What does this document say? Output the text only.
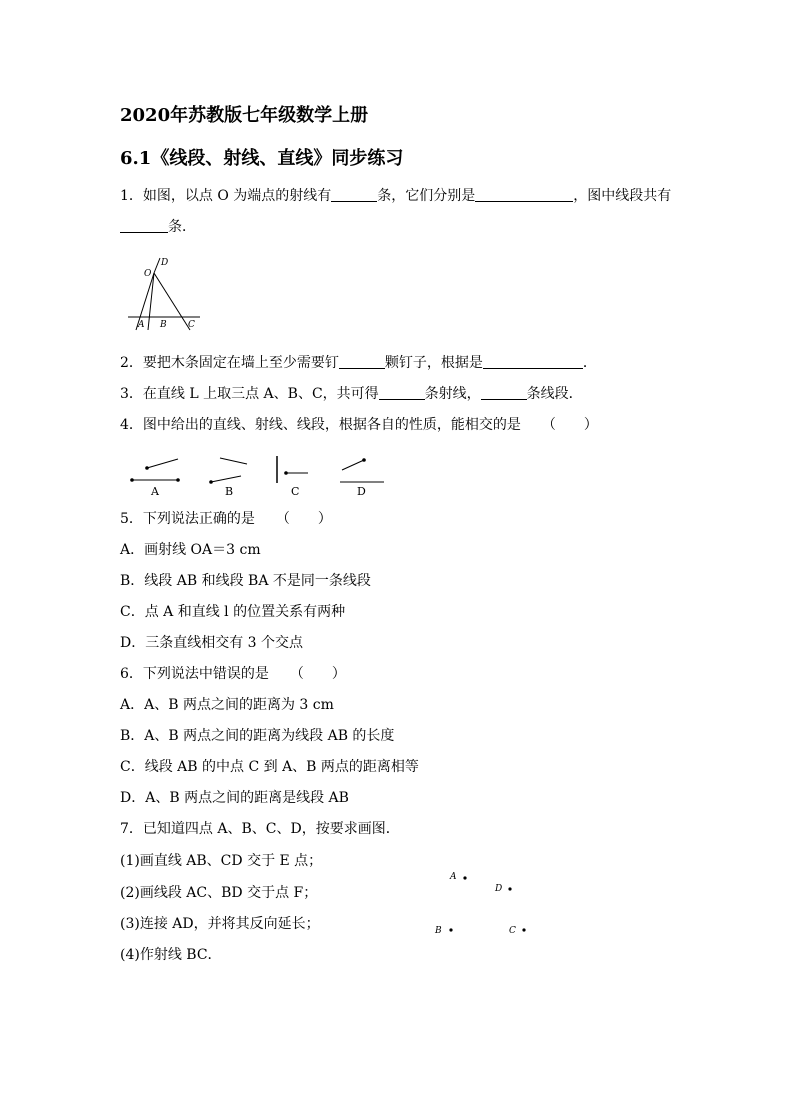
2020年苏教版七年级数学上册
6.1《线段、射线、直线》同步练习
1．如图，以点 O 为端点的射线有	条，它们分别是	，图中线段共有
条．
O
D
A B C
2．要把木条固定在墙上至少需要钉	颗钉子，根据是	．
3．在直线 L 上取三点 A、B、C，共可得	条射线，	条线段．
4．图中给出的直线、射线、线段，根据各自的性质，能相交的是　　（　　）
A	B	C	D
5．下列说法正确的是　　（　　）
A．画射线 OA＝3 cm
B．线段 AB 和线段 BA 不是同一条线段
C．点 A 和直线 l 的位置关系有两种
D．三条直线相交有 3 个交点
6．下列说法中错误的是　　（　　）
A．A、B 两点之间的距离为 3 cm
B．A、B 两点之间的距离为线段 AB 的长度
C．线段 AB 的中点 C 到 A、B 两点的距离相等
D．A、B 两点之间的距离是线段 AB
7．已知道四点 A、B、C、D，按要求画图．
(1)画直线 AB、CD 交于 E 点；
(2)画线段 AC、BD 交于点 F；
(3)连接 AD，并将其反向延长；
(4)作射线 BC．
A
D
B	C
